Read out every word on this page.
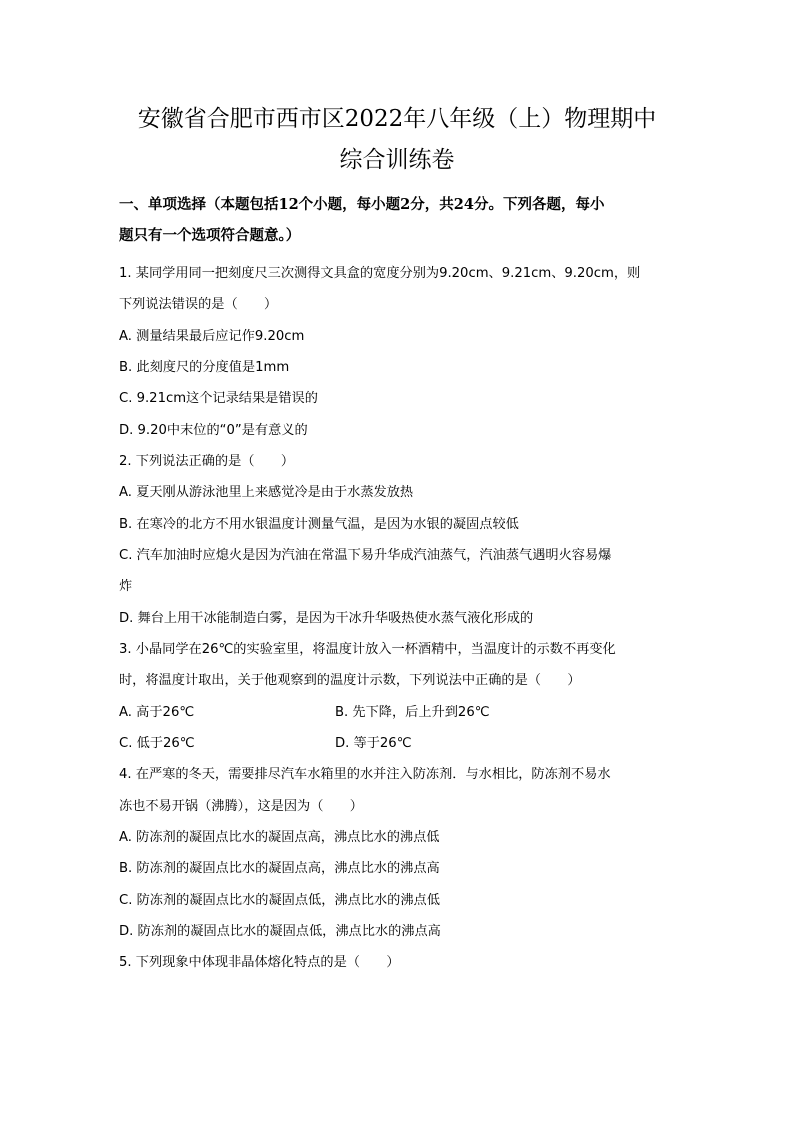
安徽省合肥市西市区2022年八年级（上）物理期中
综合训练卷
一、单项选择（本题包括12个小题，每小题2分，共24分。下列各题，每小
题只有一个选项符合题意。）
1. 某同学用同一把刻度尺三次测得文具盒的宽度分别为9.20cm、9.21cm、9.20cm，则
下列说法错误的是（　　）
A. 测量结果最后应记作9.20cm
B. 此刻度尺的分度值是1mm
C. 9.21cm这个记录结果是错误的
D. 9.20中末位的“0”是有意义的
2. 下列说法正确的是（　　）
A. 夏天刚从游泳池里上来感觉冷是由于水蒸发放热
B. 在寒冷的北方不用水银温度计测量气温，是因为水银的凝固点较低
C. 汽车加油时应熄火是因为汽油在常温下易升华成汽油蒸气，汽油蒸气遇明火容易爆
炸
D. 舞台上用干冰能制造白雾，是因为干冰升华吸热使水蒸气液化形成的
3. 小晶同学在26℃的实验室里，将温度计放入一杯酒精中，当温度计的示数不再变化
时，将温度计取出，关于他观察到的温度计示数，下列说法中正确的是（　　）
A. 高于26℃	B. 先下降，后上升到26℃
C. 低于26℃	D. 等于26℃
4. 在严寒的冬天，需要排尽汽车水箱里的水并注入防冻剂．与水相比，防冻剂不易水
冻也不易开锅（沸腾），这是因为（　　）
A. 防冻剂的凝固点比水的凝固点高，沸点比水的沸点低
B. 防冻剂的凝固点比水的凝固点高，沸点比水的沸点高
C. 防冻剂的凝固点比水的凝固点低，沸点比水的沸点低
D. 防冻剂的凝固点比水的凝固点低，沸点比水的沸点高
5. 下列现象中体现非晶体熔化特点的是（　　）
